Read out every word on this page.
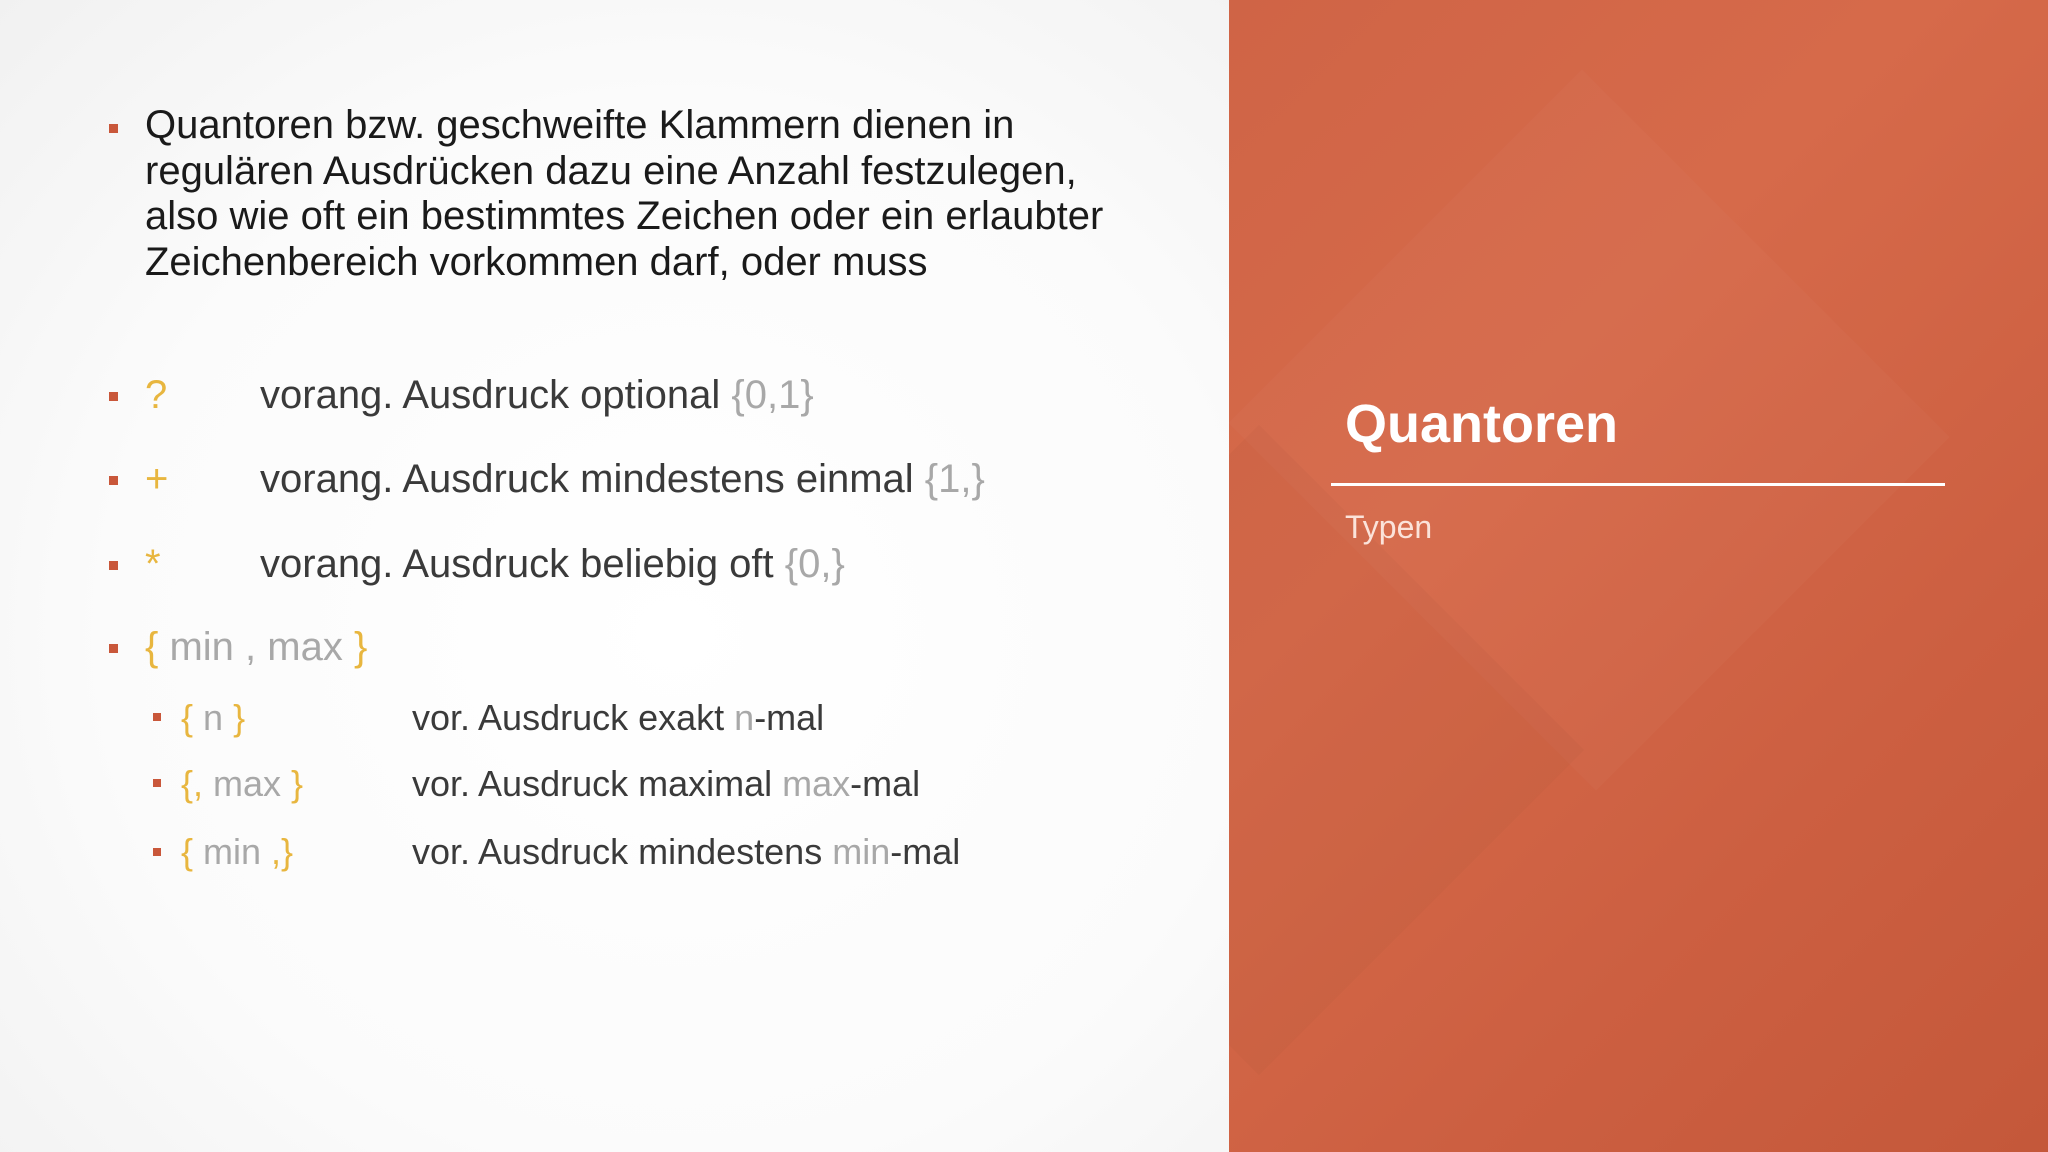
Quantoren bzw. geschweifte Klammern dienen in regulären Ausdrücken dazu eine Anzahl festzulegen, also wie oft ein bestimmtes Zeichen oder ein erlaubter Zeichenbereich vorkommen darf, oder muss
? vorang. Ausdruck optional {0,1}
+ vorang. Ausdruck mindestens einmal {1,}
* vorang. Ausdruck beliebig oft {0,}
{ min , max }
{ n }	vor. Ausdruck exakt n-mal
{, max }	vor. Ausdruck maximal max-mal
{ min ,}	vor. Ausdruck mindestens min-mal
Quantoren
Typen
